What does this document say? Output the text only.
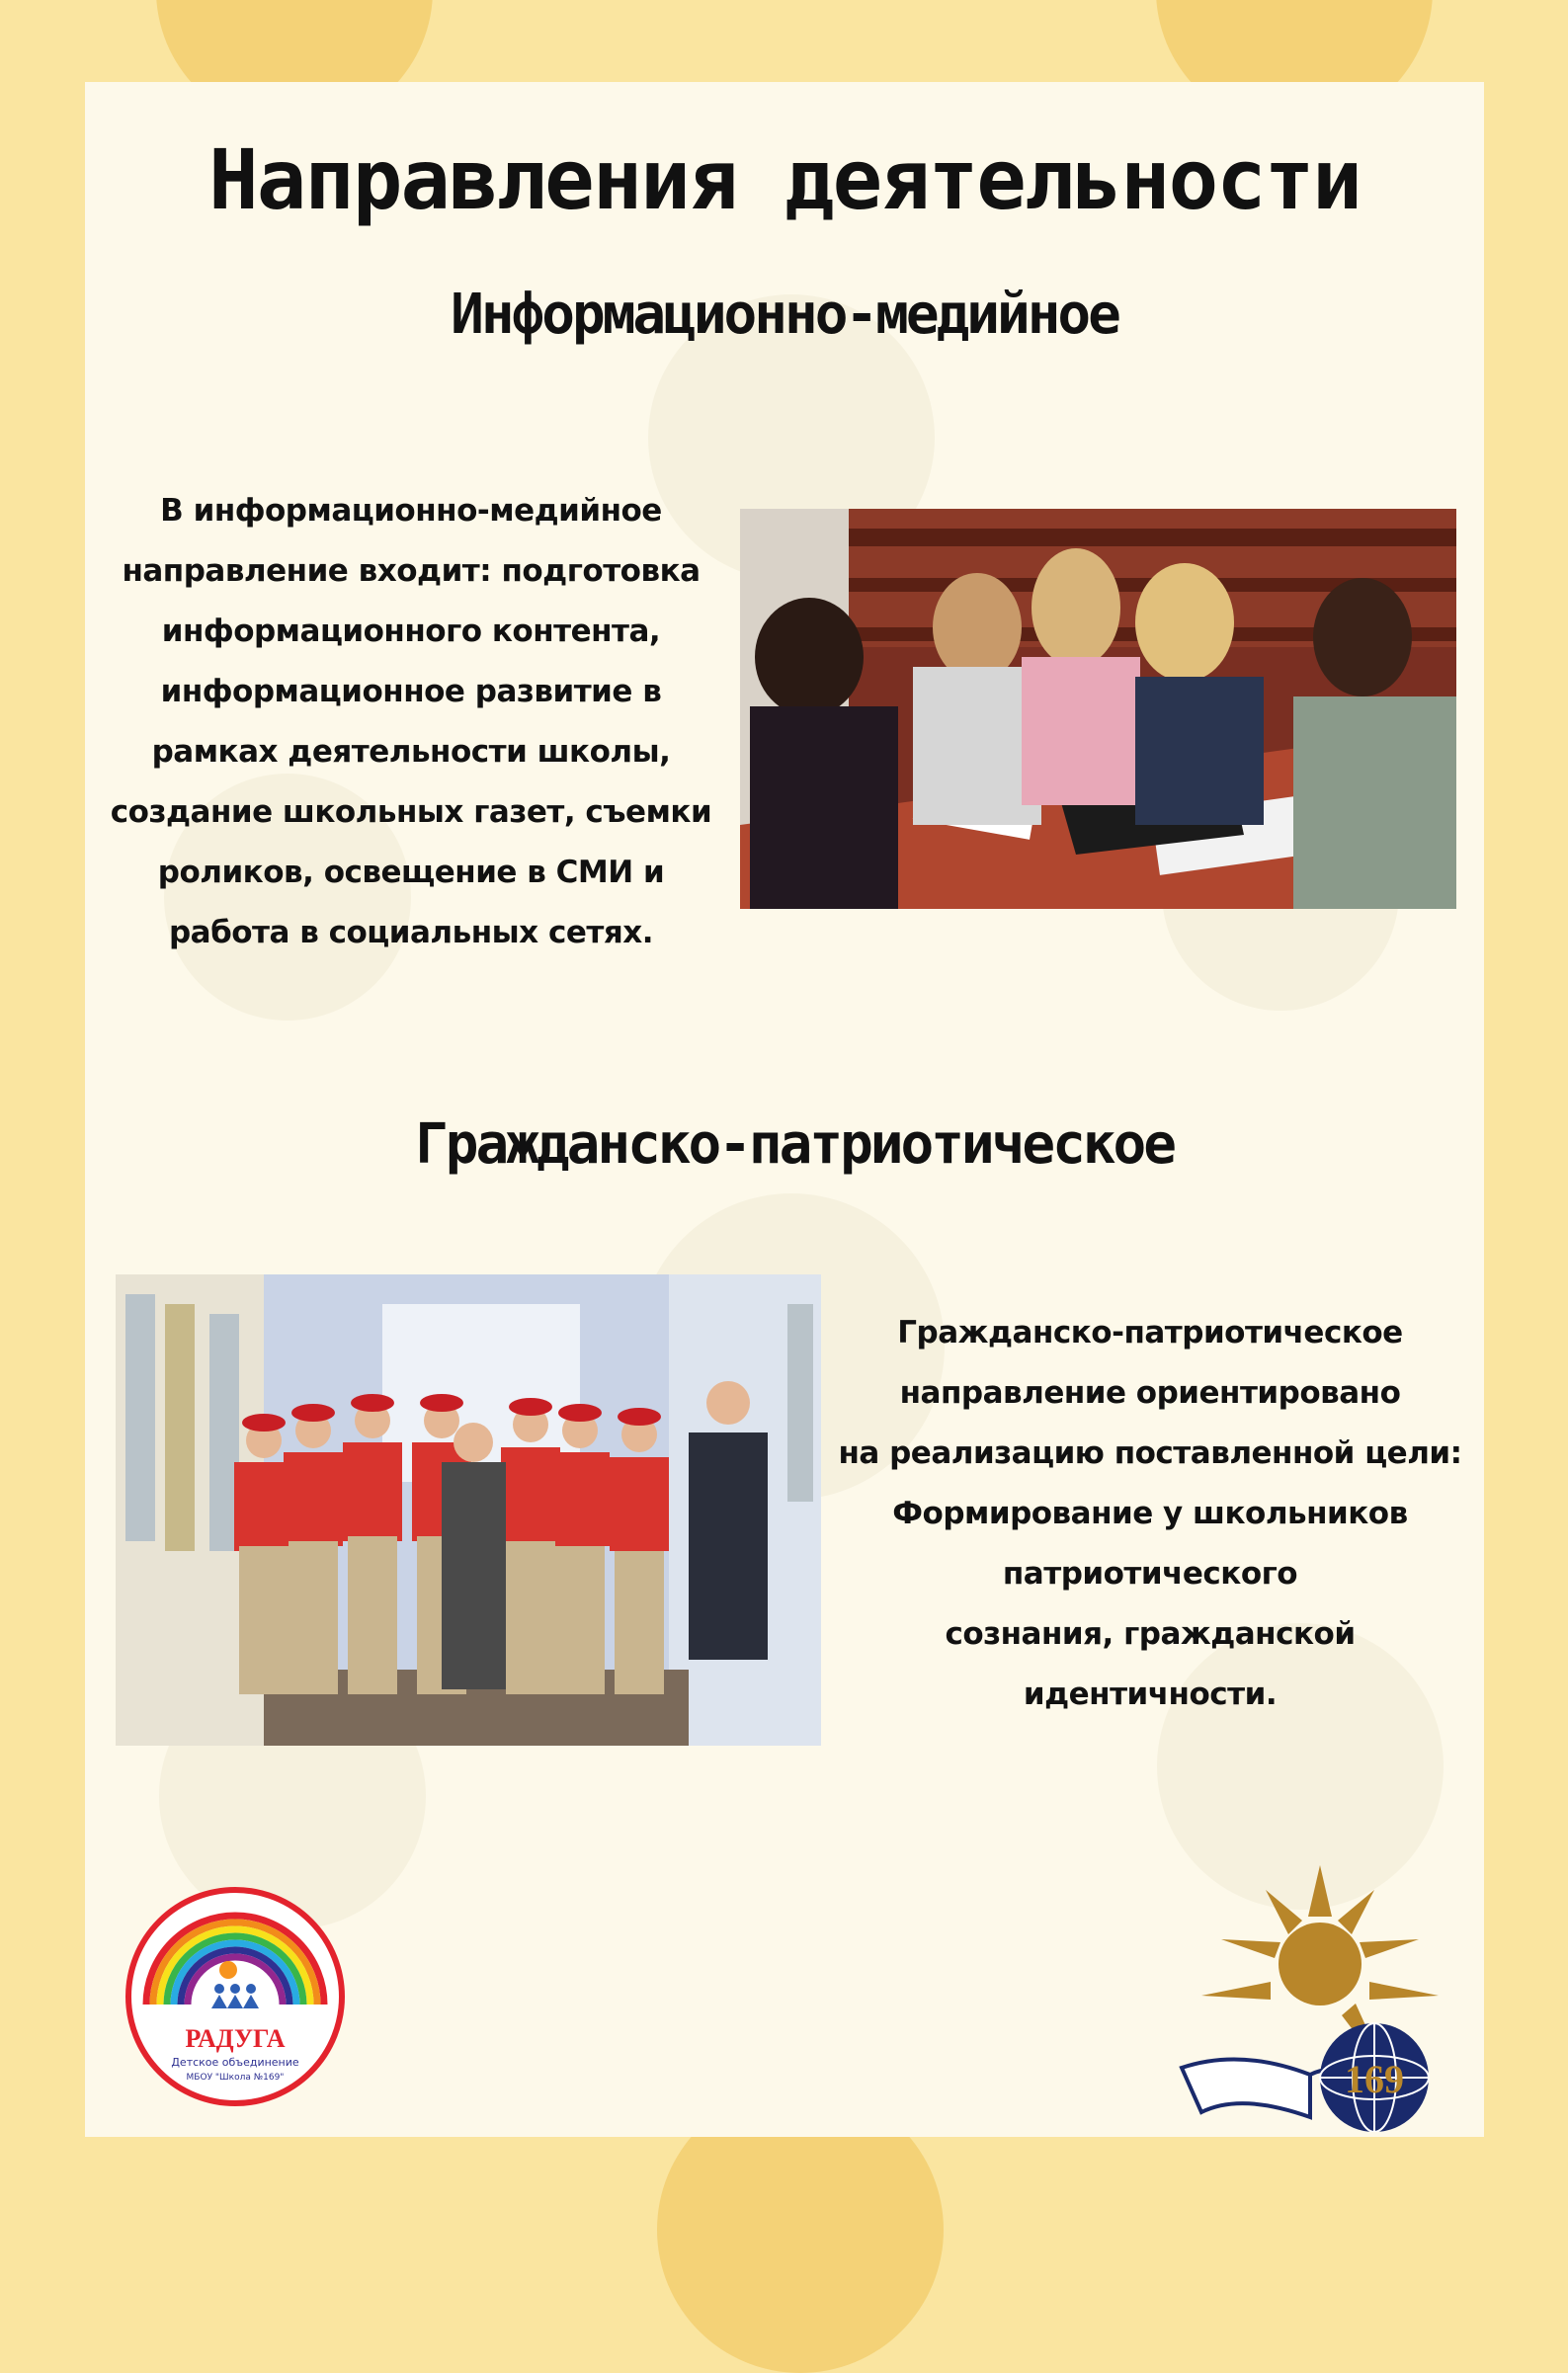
Направления деятельности
Информационно-медийное
В информационно-медийное
направление входит: подготовка
информационного контента,
информационное развитие в
рамках деятельности школы,
создание школьных газет, съемки
роликов, освещение в СМИ и
работа в социальных сетях.
Гражданско-патриотическое
Гражданско-патриотическое
направление ориентировано
на реализацию поставленной цели:
Формирование у школьников
патриотического
сознания, гражданской
идентичности.
РАДУГА
Детское объединение
МБОУ "Школа №169"	169
